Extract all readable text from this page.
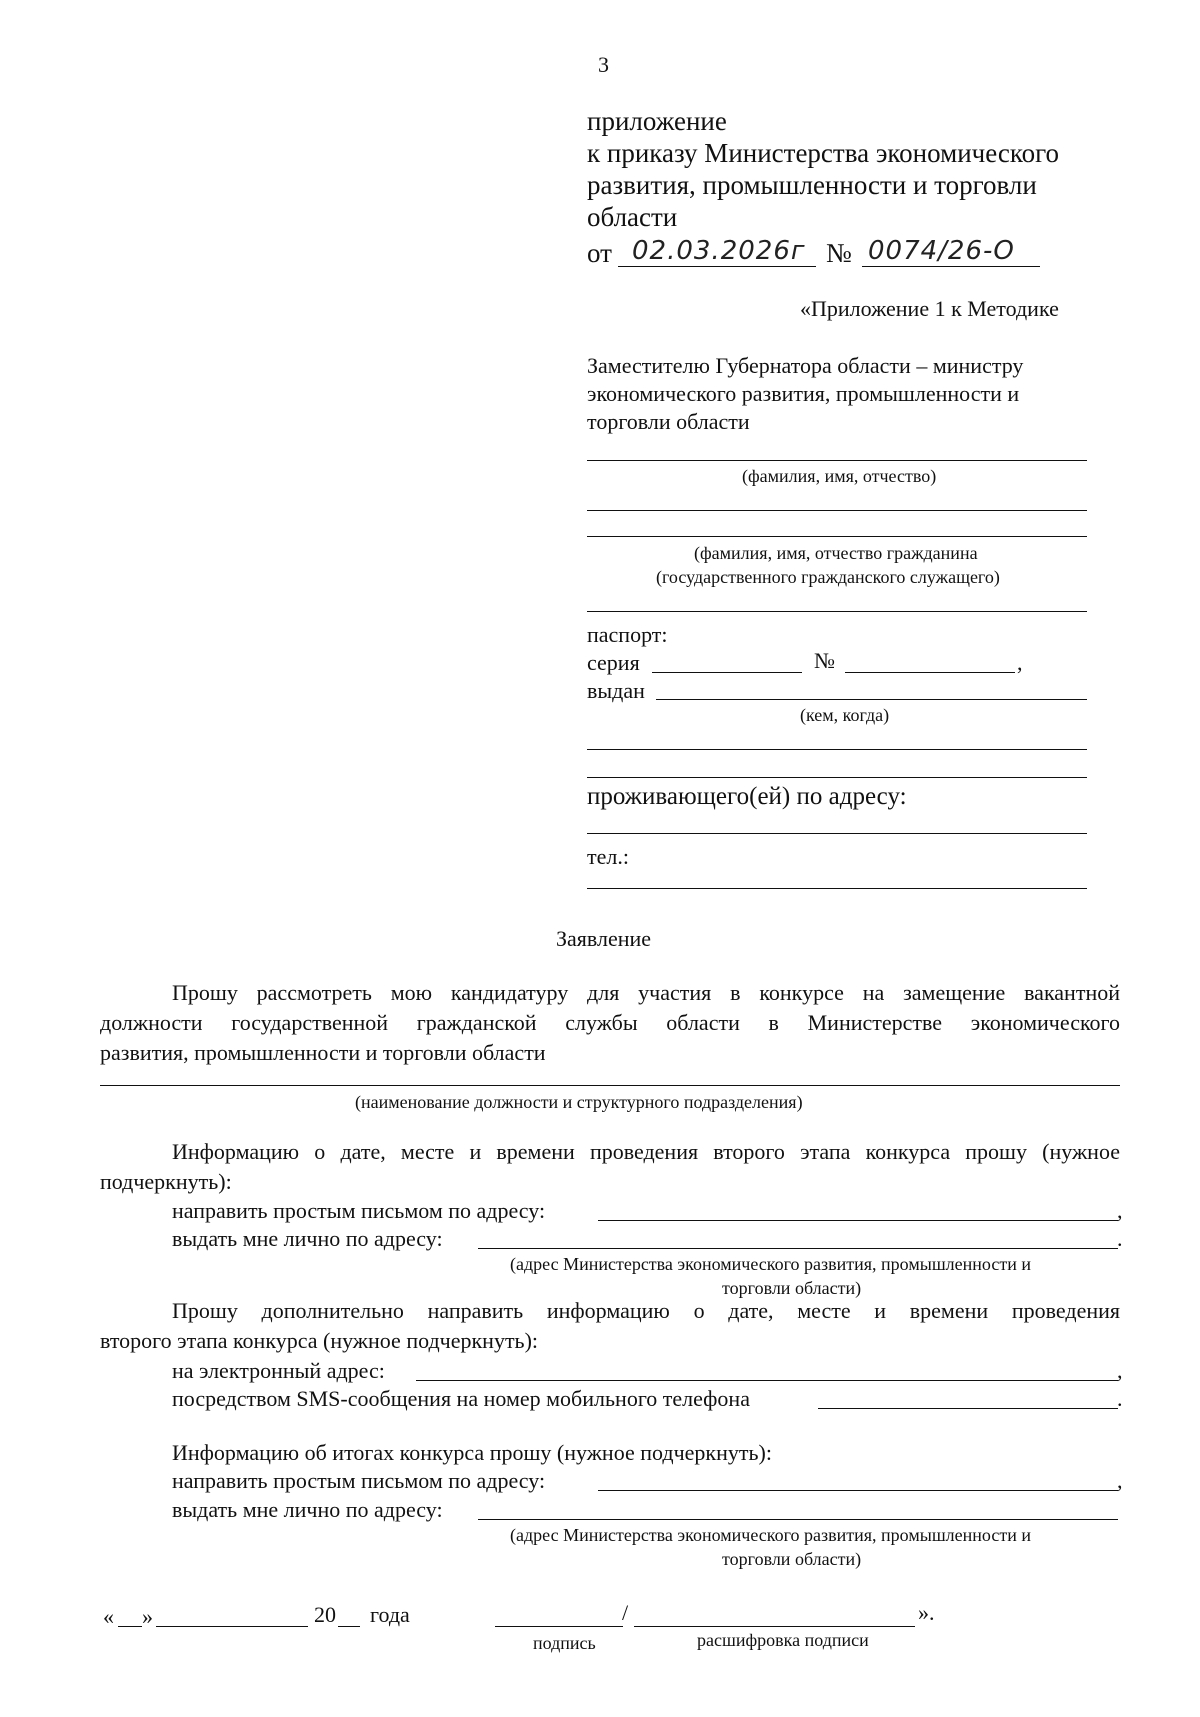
3
приложение
к приказу Министерства экономического
развития, промышленности и торговли
области
от 02.03.2026г № 0074/26-О
«Приложение 1 к Методике
Заместителю Губернатора области – министру
экономического развития, промышленности и
торговли области
(фамилия, имя, отчество)
(фамилия, имя, отчество гражданина
(государственного гражданского служащего)
паспорт:
серия	№	,
выдан
(кем, когда)
проживающего(ей) по адресу:
тел.:
Заявление
Прошу рассмотреть мою кандидатуру для участия в конкурсе на замещение вакантной
должности государственной гражданской службы области в Министерстве экономического
развития, промышленности и торговли области
(наименование должности и структурного подразделения)
Информацию о дате, месте и времени проведения второго этапа конкурса прошу (нужное
подчеркнуть):
направить простым письмом по адресу:	,
выдать мне лично по адресу:	.
(адрес Министерства экономического развития, промышленности и
торговли области)
Прошу дополнительно направить информацию о дате, месте и времени проведения
второго этапа конкурса (нужное подчеркнуть):
на электронный адрес:	,
посредством SMS-сообщения на номер мобильного телефона	.
Информацию об итогах конкурса прошу (нужное подчеркнуть):
направить простым письмом по адресу:	,
выдать мне лично по адресу:
(адрес Министерства экономического развития, промышленности и
торговли области)
« »	20 года	/	».
подпись	расшифровка подписи
